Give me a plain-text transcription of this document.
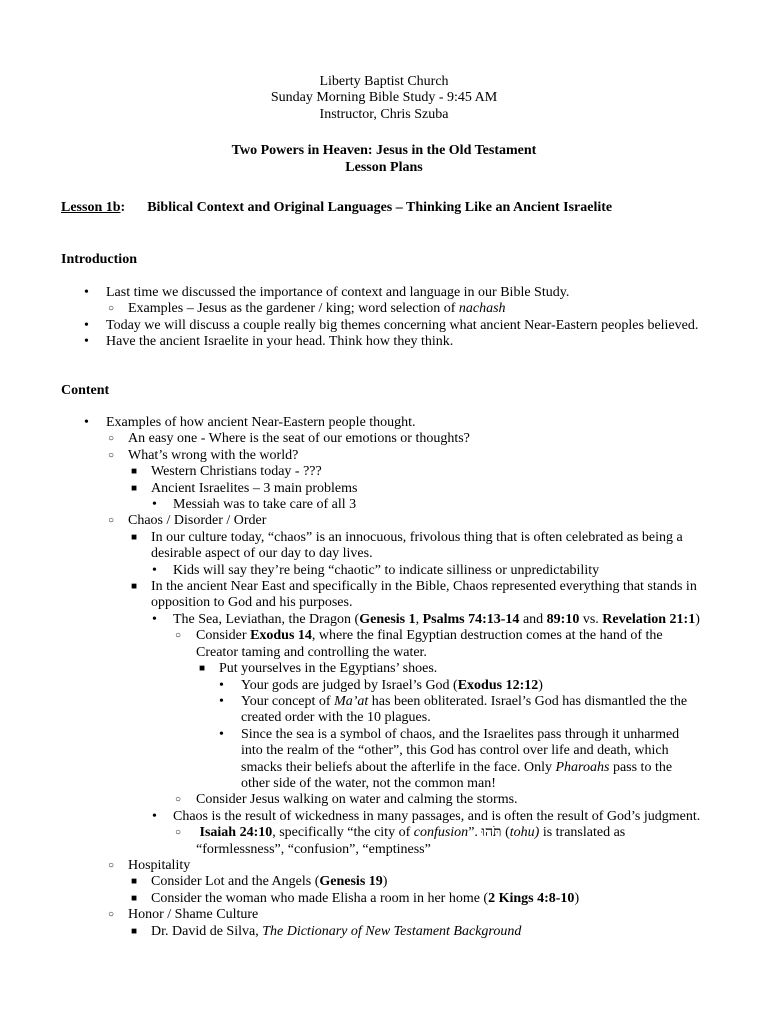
Liberty Baptist Church
Sunday Morning Bible Study - 9:45 AM
Instructor, Chris Szuba
Two Powers in Heaven: Jesus in the Old Testament
Lesson Plans
Lesson 1b: Biblical Context and Original Languages – Thinking Like an Ancient Israelite
Introduction
• Last time we discussed the importance of context and language in our Bible Study.
○ Examples – Jesus as the gardener / king; word selection of nachash
• Today we will discuss a couple really big themes concerning what ancient Near-Eastern peoples believed.
• Have the ancient Israelite in your head. Think how they think.
Content
• Examples of how ancient Near-Eastern people thought.
○ An easy one - Where is the seat of our emotions or thoughts?
○ What’s wrong with the world?
■ Western Christians today - ???
■ Ancient Israelites – 3 main problems
• Messiah was to take care of all 3
○ Chaos / Disorder / Order
■ In our culture today, “chaos” is an innocuous, frivolous thing that is often celebrated as being a desirable aspect of our day to day lives.
• Kids will say they’re being “chaotic” to indicate silliness or unpredictability
■ In the ancient Near East and specifically in the Bible, Chaos represented everything that stands in opposition to God and his purposes.
• The Sea, Leviathan, the Dragon (Genesis 1, Psalms 74:13-14 and 89:10 vs. Revelation 21:1)
○ Consider Exodus 14, where the final Egyptian destruction comes at the hand of the Creator taming and controlling the water.
■ Put yourselves in the Egyptians’ shoes.
• Your gods are judged by Israel’s God (Exodus 12:12)
• Your concept of Ma’at has been obliterated. Israel’s God has dismantled the the created order with the 10 plagues.
• Since the sea is a symbol of chaos, and the Israelites pass through it unharmed into the realm of the “other”, this God has control over life and death, which smacks their beliefs about the afterlife in the face. Only Pharoahs pass to the other side of the water, not the common man!
○ Consider Jesus walking on water and calming the storms.
• Chaos is the result of wickedness in many passages, and is often the result of God’s judgment.
○ Isaiah 24:10, specifically “the city of confusion”. תֹּהוּ (tohu) is translated as “formlessness”, “confusion”, “emptiness”
○ Hospitality
■ Consider Lot and the Angels (Genesis 19)
■ Consider the woman who made Elisha a room in her home (2 Kings 4:8-10)
○ Honor / Shame Culture
■ Dr. David de Silva, The Dictionary of New Testament Background
